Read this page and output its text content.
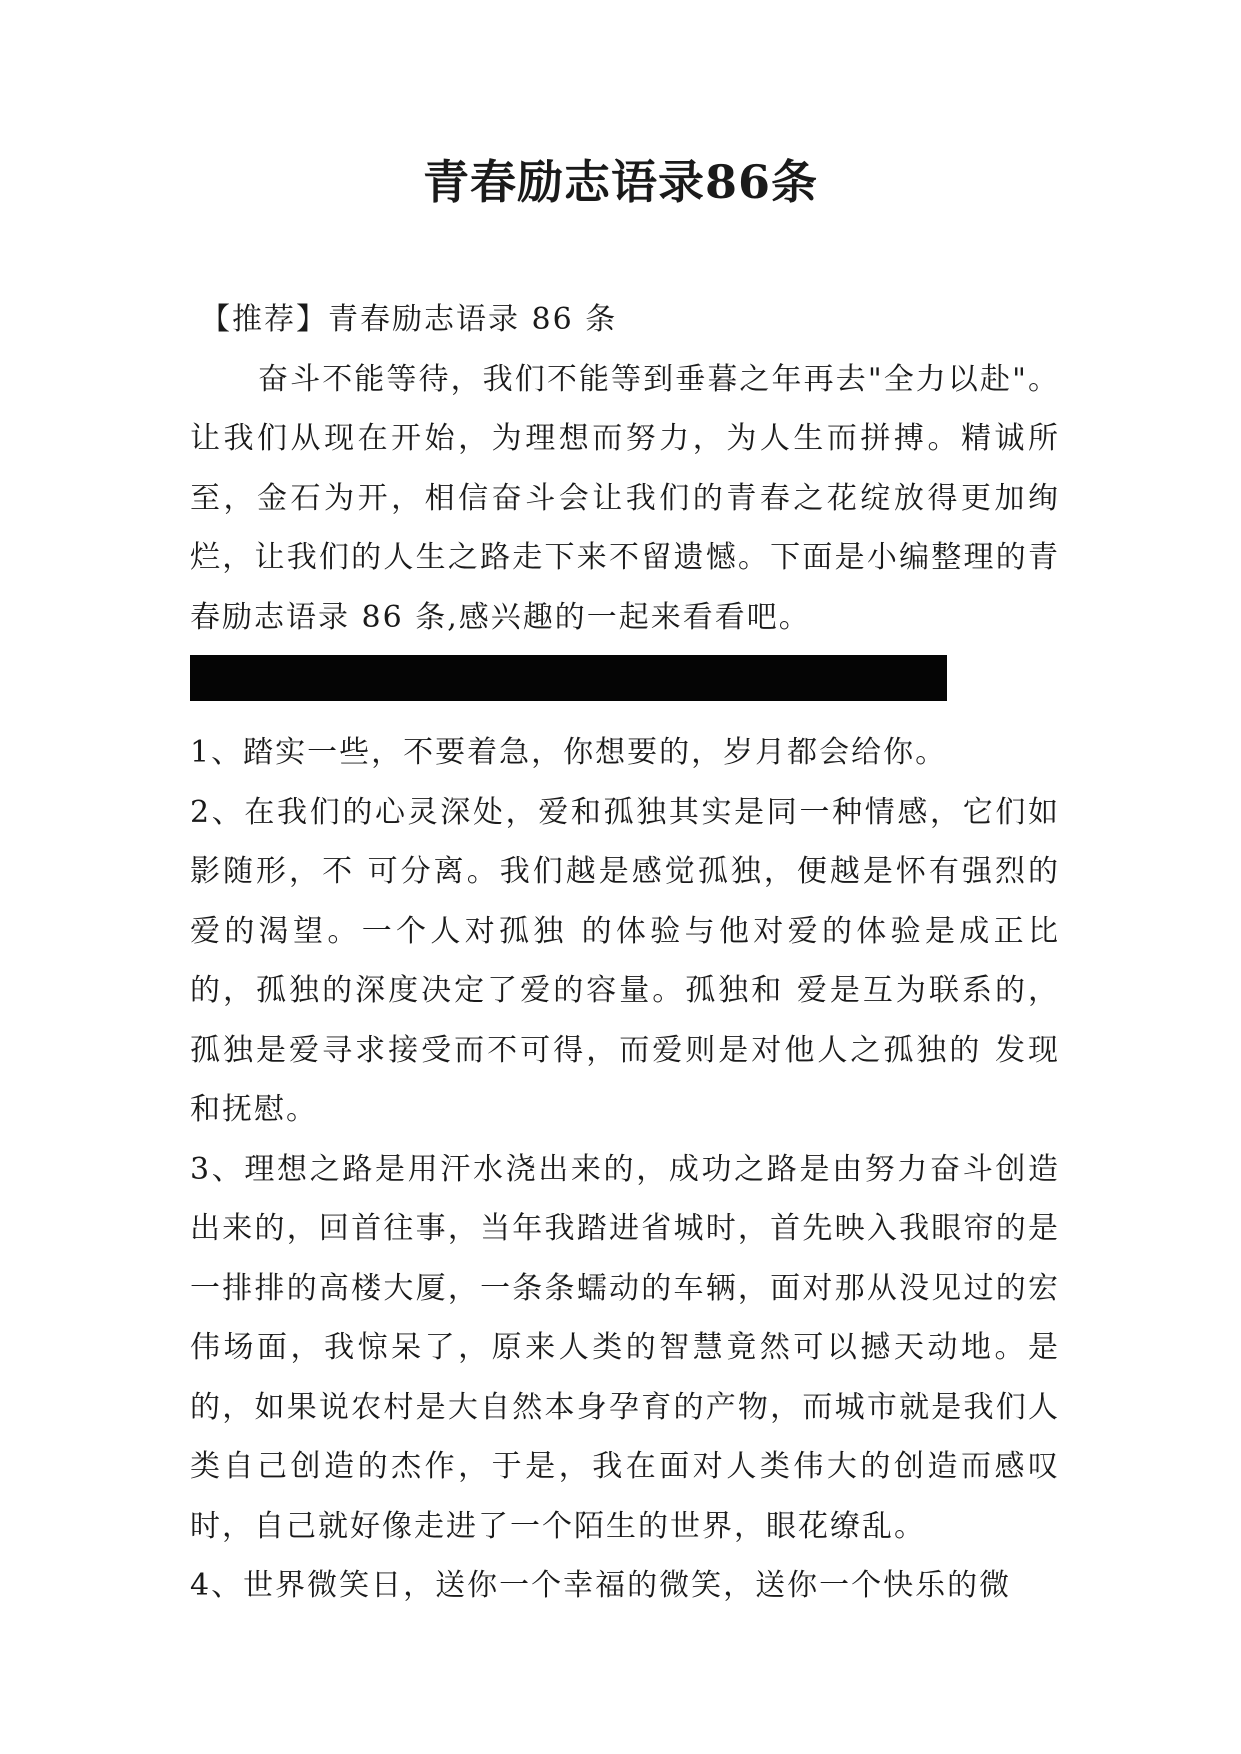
青春励志语录86条

【推荐】青春励志语录 86 条

奋斗不能等待，我们不能等到垂暮之年再去"全力以赴"。让我们从现在开始，为理想而努力，为人生而拼搏。精诚所至，金石为开，相信奋斗会让我们的青春之花绽放得更加绚烂，让我们的人生之路走下来不留遗憾。下面是小编整理的青春励志语录 86 条,感兴趣的一起来看看吧。

1、踏实一些，不要着急，你想要的，岁月都会给你。

2、在我们的心灵深处，爱和孤独其实是同一种情感，它们如影随形，不 可分离。我们越是感觉孤独，便越是怀有强烈的爱的渴望。一个人对孤独 的体验与他对爱的体验是成正比的，孤独的深度决定了爱的容量。孤独和 爱是互为联系的，孤独是爱寻求接受而不可得，而爱则是对他人之孤独的 发现和抚慰。

3、理想之路是用汗水浇出来的，成功之路是由努力奋斗创造出来的，回首往事，当年我踏进省城时，首先映入我眼帘的是一排排的高楼大厦，一条条蠕动的车辆，面对那从没见过的宏伟场面，我惊呆了，原来人类的智慧竟然可以撼天动地。是的，如果说农村是大自然本身孕育的产物，而城市就是我们人类自己创造的杰作，于是，我在面对人类伟大的创造而感叹时，自己就好像走进了一个陌生的世界，眼花缭乱。

4、世界微笑日，送你一个幸福的微笑，送你一个快乐的微
